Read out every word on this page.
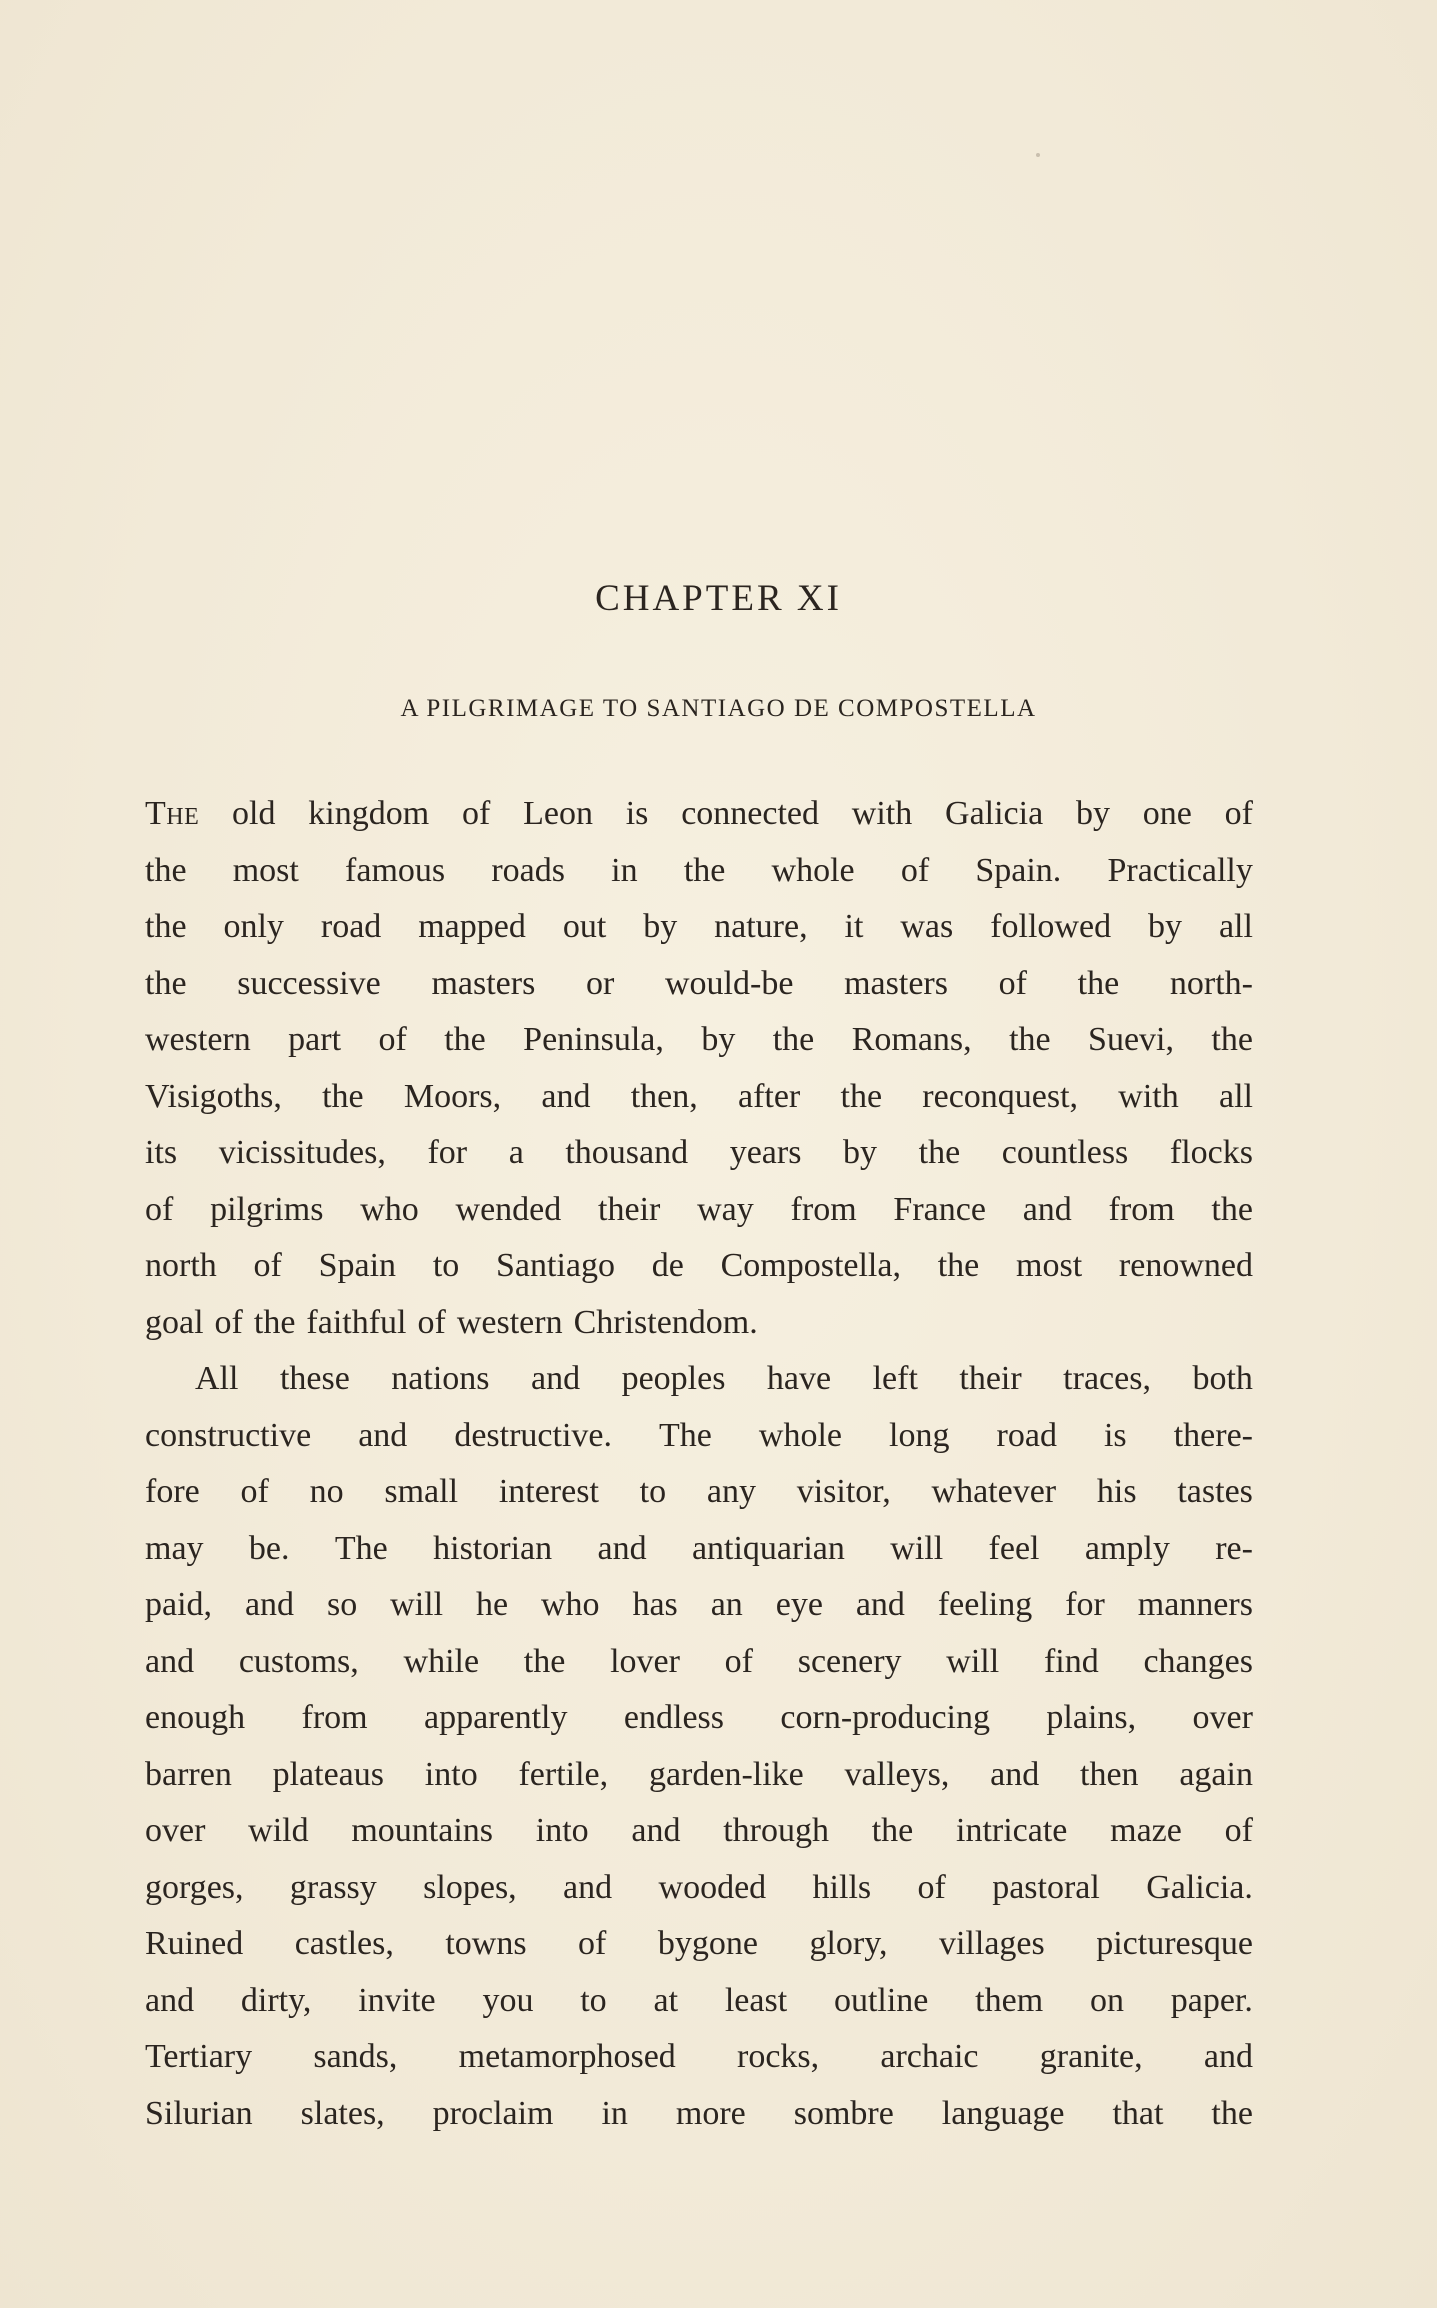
CHAPTER XI
A PILGRIMAGE TO SANTIAGO DE COMPOSTELLA
The old kingdom of Leon is connected with Galicia by one of
the most famous roads in the whole of Spain. Practically
the only road mapped out by nature, it was followed by all
the successive masters or would-be masters of the north-
western part of the Peninsula, by the Romans, the Suevi, the
Visigoths, the Moors, and then, after the reconquest, with all
its vicissitudes, for a thousand years by the countless flocks
of pilgrims who wended their way from France and from the
north of Spain to Santiago de Compostella, the most renowned
goal of the faithful of western Christendom.
All these nations and peoples have left their traces, both
constructive and destructive. The whole long road is there-
fore of no small interest to any visitor, whatever his tastes
may be. The historian and antiquarian will feel amply re-
paid, and so will he who has an eye and feeling for manners
and customs, while the lover of scenery will find changes
enough from apparently endless corn-producing plains, over
barren plateaus into fertile, garden-like valleys, and then again
over wild mountains into and through the intricate maze of
gorges, grassy slopes, and wooded hills of pastoral Galicia.
Ruined castles, towns of bygone glory, villages picturesque
and dirty, invite you to at least outline them on paper.
Tertiary sands, metamorphosed rocks, archaic granite, and
Silurian slates, proclaim in more sombre language that the
